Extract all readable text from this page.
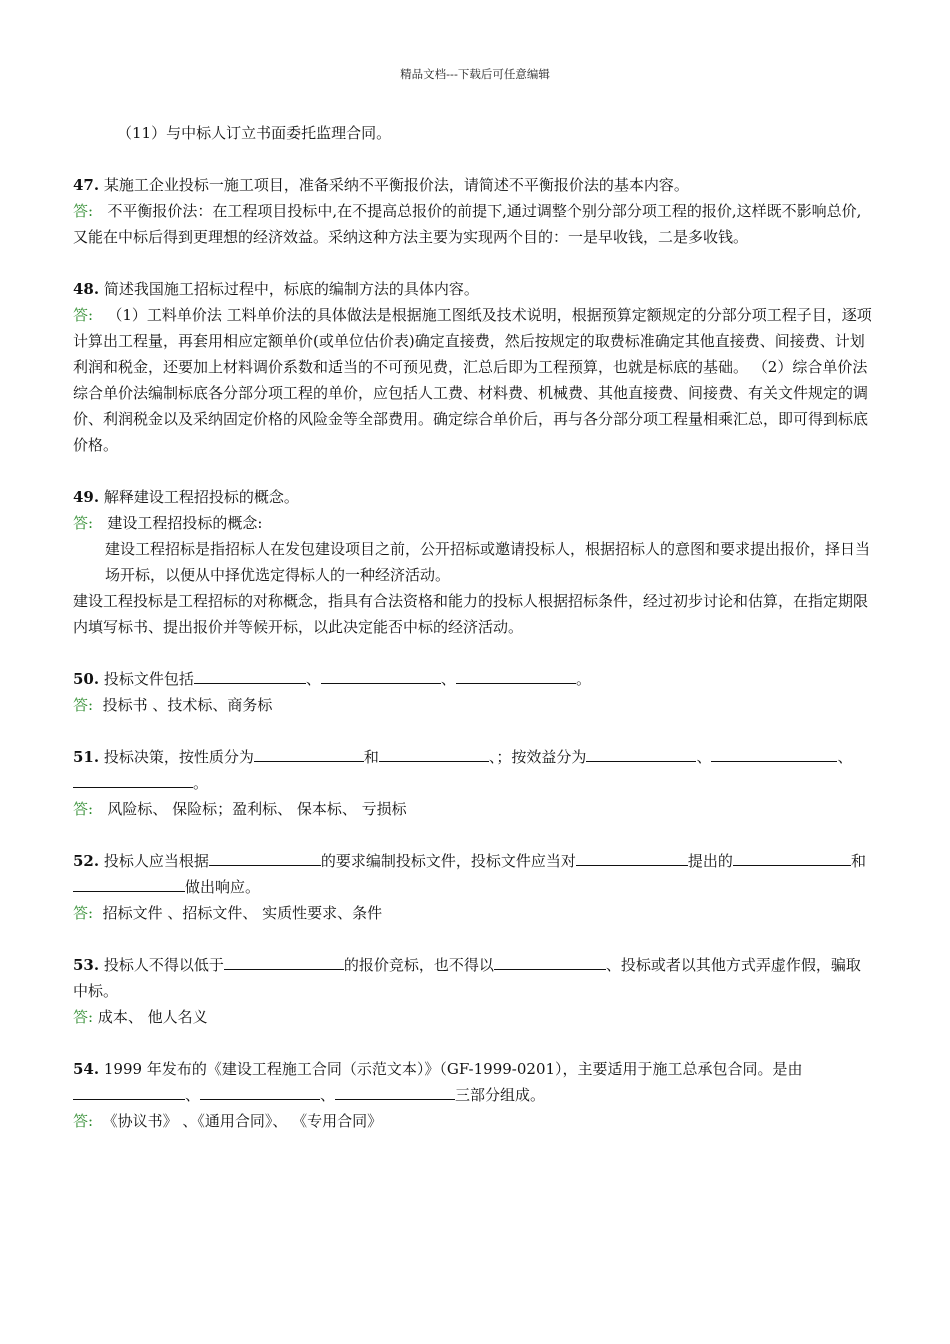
精品文档---下载后可任意编辑

（11）与中标人订立书面委托监理合同。

47. 某施工企业投标一施工项目，准备采纳不平衡报价法，请简述不平衡报价法的基本内容。

答: 不平衡报价法：在工程项目投标中,在不提高总报价的前提下,通过调整个别分部分项工程的报价,这样既不影响总价,又能在中标后得到更理想的经济效益。采纳这种方法主要为实现两个目的：一是早收钱，二是多收钱。

48. 简述我国施工招标过程中，标底的编制方法的具体内容。

答: （1）工料单价法 工料单价法的具体做法是根据施工图纸及技术说明，根据预算定额规定的分部分项工程子目，逐项计算出工程量，再套用相应定额单价(或单位估价表)确定直接费，然后按规定的取费标准确定其他直接费、间接费、计划利润和税金，还要加上材料调价系数和适当的不可预见费，汇总后即为工程预算，也就是标底的基础。 （2）综合单价法 综合单价法编制标底各分部分项工程的单价，应包括人工费、材料费、机械费、其他直接费、间接费、有关文件规定的调价、利润税金以及采纳固定价格的风险金等全部费用。确定综合单价后，再与各分部分项工程量相乘汇总，即可得到标底价格。

49. 解释建设工程招投标的概念。

答: 建设工程招投标的概念:

建设工程招标是指招标人在发包建设项目之前，公开招标或邀请投标人，根据招标人的意图和要求提出报价，择日当场开标，以便从中择优选定得标人的一种经济活动。

建设工程投标是工程招标的对称概念，指具有合法资格和能力的投标人根据招标条件，经过初步讨论和估算，在指定期限内填写标书、提出报价并等候开标，以此决定能否中标的经济活动。

50. 投标文件包括	、	、	。

答: 投标书 、技术标、商务标

51. 投标决策，按性质分为	和	、；按效益分为	、	、。

答: 风险标、 保险标；盈利标、 保本标、 亏损标

52. 投标人应当根据	的要求编制投标文件，投标文件应当对	提出的	和做出响应。

答: 招标文件 、招标文件、 实质性要求、条件

53. 投标人不得以低于	的报价竞标，也不得以	、投标或者以其他方式弄虚作假，骗取中标。

答: 成本、 他人名义

54. 1999 年发布的《建设工程施工合同（示范文本）》（GF-1999-0201），主要适用于施工总承包合同。是由、	、	三部分组成。

答: 《协议书》 、《通用合同》、 《专用合同》
